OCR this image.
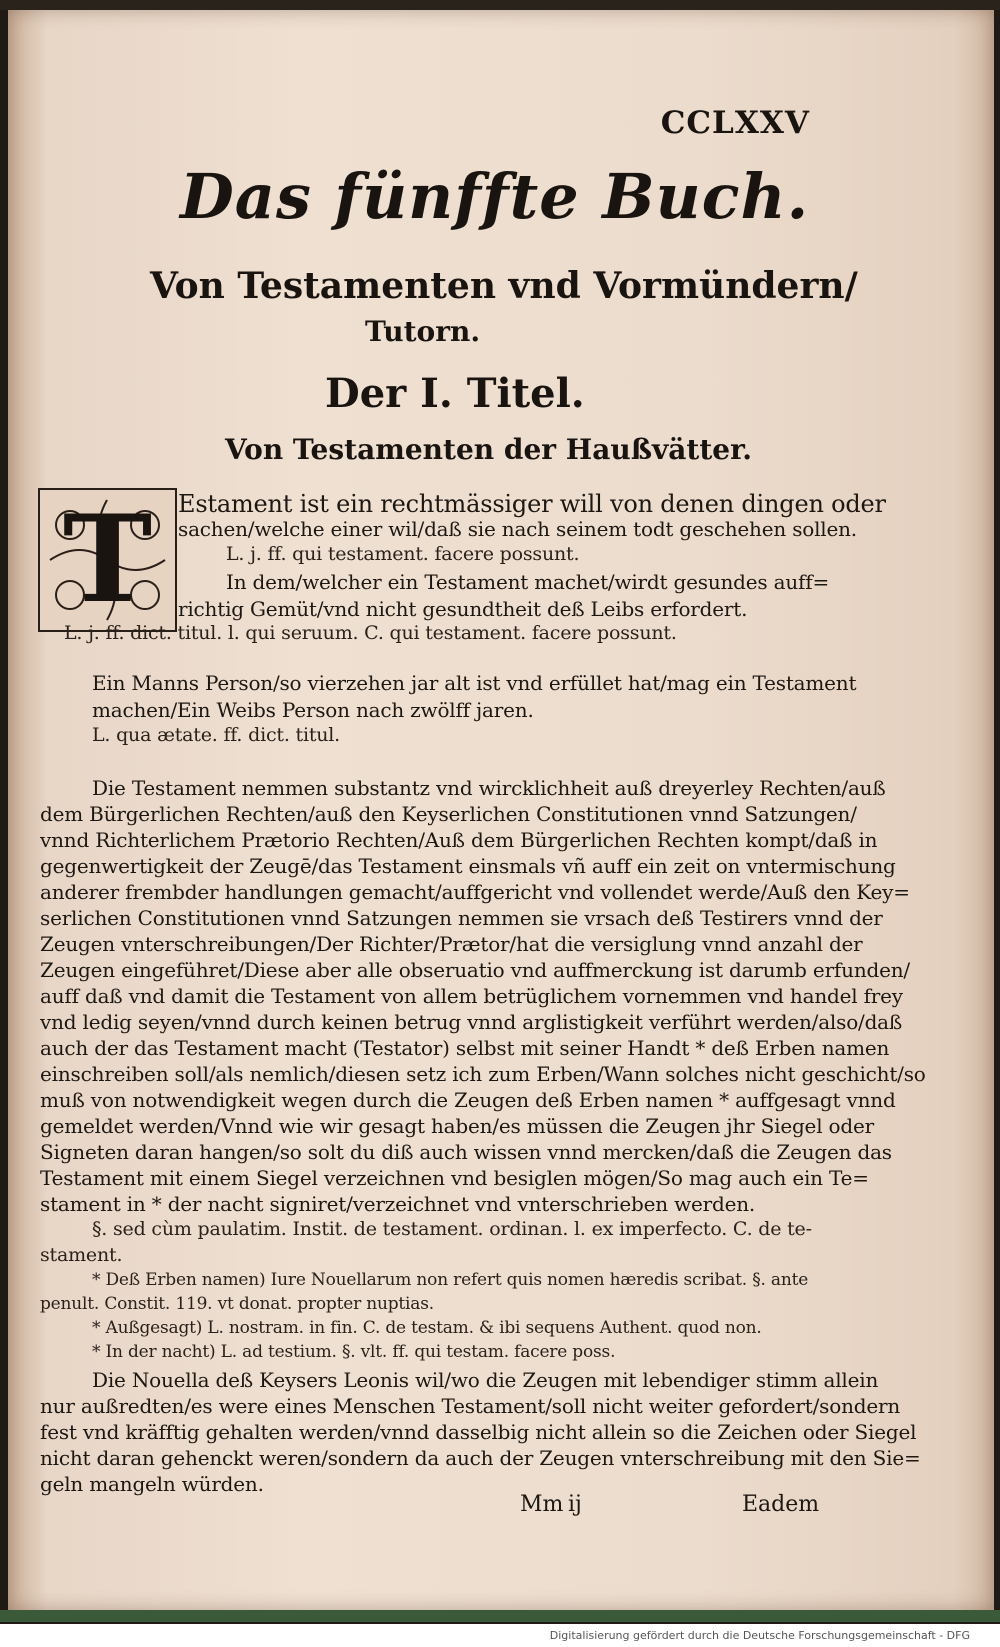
CCLXXV
Das fünffte Buch.
Von Testamenten vnd Vormündern/
Tutorn.
Der I. Titel.
Von Testamenten der Haußvätter.
T	Estament ist ein rechtmässiger will von denen dingen oder
sachen/welche einer wil/daß sie nach seinem todt geschehen sollen.
L. j. ff. qui testament. facere possunt.
In dem/welcher ein Testament machet/wirdt gesundes auff=
richtig Gemüt/vnd nicht gesundtheit deß Leibs erfordert.
L. j. ff. dict. titul. l. qui seruum. C. qui testament. facere possunt.
Ein Manns Person/so vierzehen jar alt ist vnd erfüllet hat/mag ein Testament
machen/Ein Weibs Person nach zwölff jaren.
L. qua ætate. ff. dict. titul.
Die Testament nemmen substantz vnd wircklichheit auß dreyerley Rechten/auß
dem Bürgerlichen Rechten/auß den Keyserlichen Constitutionen vnnd Satzungen/
vnnd Richterlichem Prætorio Rechten/Auß dem Bürgerlichen Rechten kompt/daß in
gegenwertigkeit der Zeugē/das Testament einsmals vñ auff ein zeit on vntermischung
anderer frembder handlungen gemacht/auffgericht vnd vollendet werde/Auß den Key=
serlichen Constitutionen vnnd Satzungen nemmen sie vrsach deß Testirers vnnd der
Zeugen vnterschreibungen/Der Richter/Prætor/hat die versiglung vnnd anzahl der
Zeugen eingeführet/Diese aber alle obseruatio vnd auffmerckung ist darumb erfunden/
auff daß vnd damit die Testament von allem betrüglichem vornemmen vnd handel frey
vnd ledig seyen/vnnd durch keinen betrug vnnd arglistigkeit verführt werden/also/daß
auch der das Testament macht (Testator) selbst mit seiner Handt * deß Erben namen
einschreiben soll/als nemlich/diesen setz ich zum Erben/Wann solches nicht geschicht/so
muß von notwendigkeit wegen durch die Zeugen deß Erben namen * auffgesagt vnnd
gemeldet werden/Vnnd wie wir gesagt haben/es müssen die Zeugen jhr Siegel oder
Signeten daran hangen/so solt du diß auch wissen vnnd mercken/daß die Zeugen das
Testament mit einem Siegel verzeichnen vnd besiglen mögen/So mag auch ein Te=
stament in * der nacht signiret/verzeichnet vnd vnterschrieben werden.
§. sed cùm paulatim. Instit. de testament. ordinan. l. ex imperfecto. C. de te-
stament.
* Deß Erben namen) Iure Nouellarum non refert quis nomen hæredis scribat. §. ante
penult. Constit. 119. vt donat. propter nuptias.
* Außgesagt) L. nostram. in fin. C. de testam. & ibi sequens Authent. quod non.
* In der nacht) L. ad testium. §. vlt. ff. qui testam. facere poss.
Die Nouella deß Keysers Leonis wil/wo die Zeugen mit lebendiger stimm allein
nur außredten/es were eines Menschen Testament/soll nicht weiter gefordert/sondern
fest vnd kräfftig gehalten werden/vnnd dasselbig nicht allein so die Zeichen oder Siegel
nicht daran gehenckt weren/sondern da auch der Zeugen vnterschreibung mit den Sie=
geln mangeln würden.
Mm ij	Eadem
Digitalisierung gefördert durch die Deutsche Forschungsgemeinschaft - DFG
